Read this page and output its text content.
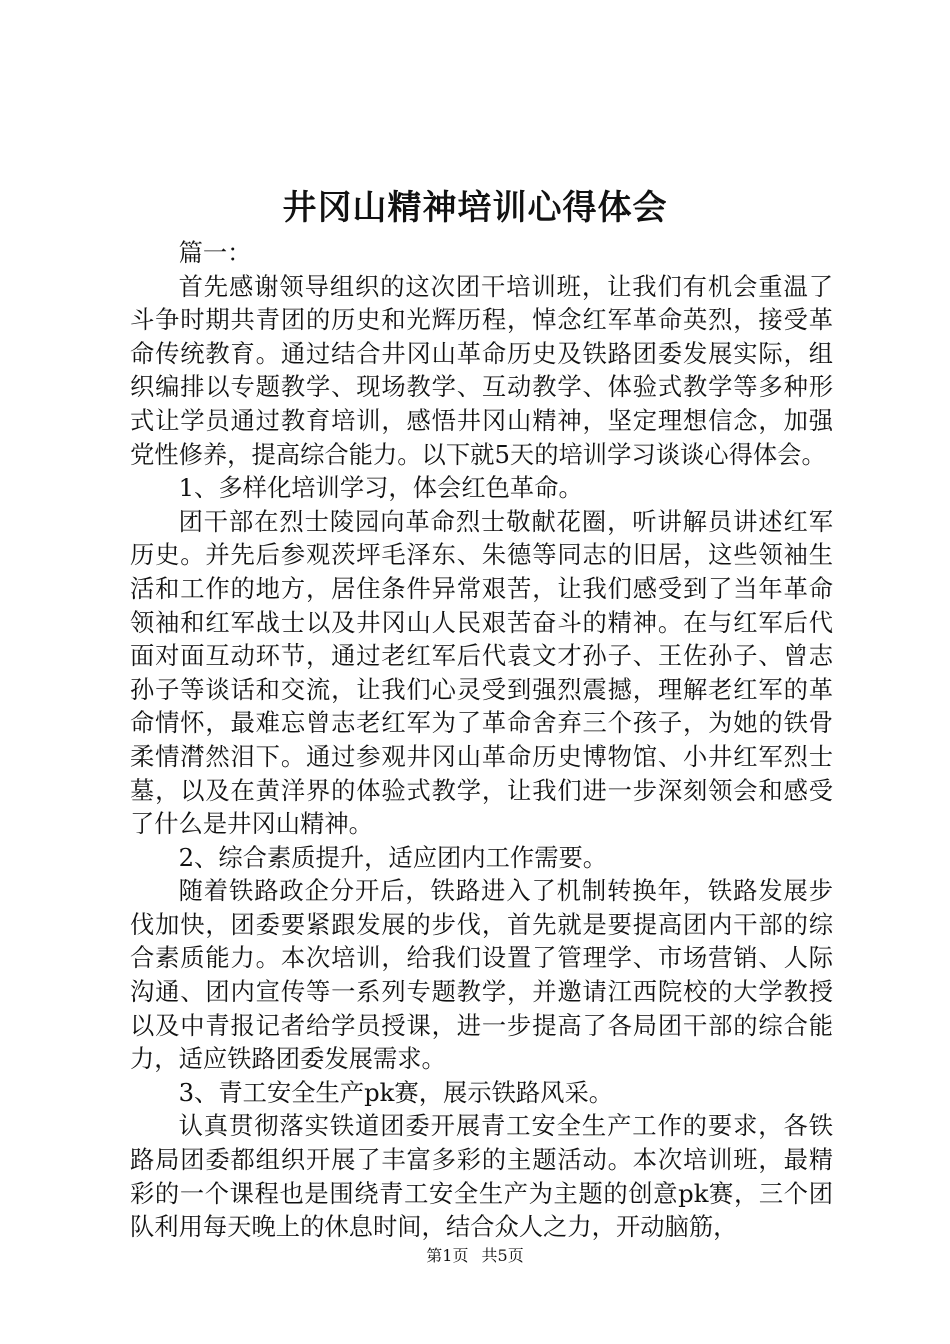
井冈山精神培训心得体会

篇一：

首先感谢领导组织的这次团干培训班，让我们有机会重温了斗争时期共青团的历史和光辉历程，悼念红军革命英烈，接受革命传统教育。通过结合井冈山革命历史及铁路团委发展实际，组织编排以专题教学、现场教学、互动教学、体验式教学等多种形式让学员通过教育培训，感悟井冈山精神，坚定理想信念，加强党性修养，提高综合能力。以下就5天的培训学习谈谈心得体会。

1、多样化培训学习，体会红色革命。

团干部在烈士陵园向革命烈士敬献花圈，听讲解员讲述红军历史。并先后参观茨坪毛泽东、朱德等同志的旧居，这些领袖生活和工作的地方，居住条件异常艰苦，让我们感受到了当年革命领袖和红军战士以及井冈山人民艰苦奋斗的精神。在与红军后代面对面互动环节，通过老红军后代袁文才孙子、王佐孙子、曾志孙子等谈话和交流，让我们心灵受到强烈震撼，理解老红军的革命情怀，最难忘曾志老红军为了革命舍弃三个孩子，为她的铁骨柔情潸然泪下。通过参观井冈山革命历史博物馆、小井红军烈士墓，以及在黄洋界的体验式教学，让我们进一步深刻领会和感受了什么是井冈山精神。

2、综合素质提升，适应团内工作需要。

随着铁路政企分开后，铁路进入了机制转换年，铁路发展步伐加快，团委要紧跟发展的步伐，首先就是要提高团内干部的综合素质能力。本次培训，给我们设置了管理学、市场营销、人际沟通、团内宣传等一系列专题教学，并邀请江西院校的大学教授以及中青报记者给学员授课，进一步提高了各局团干部的综合能力，适应铁路团委发展需求。

3、青工安全生产pk赛，展示铁路风采。

认真贯彻落实铁道团委开展青工安全生产工作的要求，各铁路局团委都组织开展了丰富多彩的主题活动。本次培训班，最精彩的一个课程也是围绕青工安全生产为主题的创意pk赛，三个团队利用每天晚上的休息时间，结合众人之力，开动脑筋，

第1页 共5页
